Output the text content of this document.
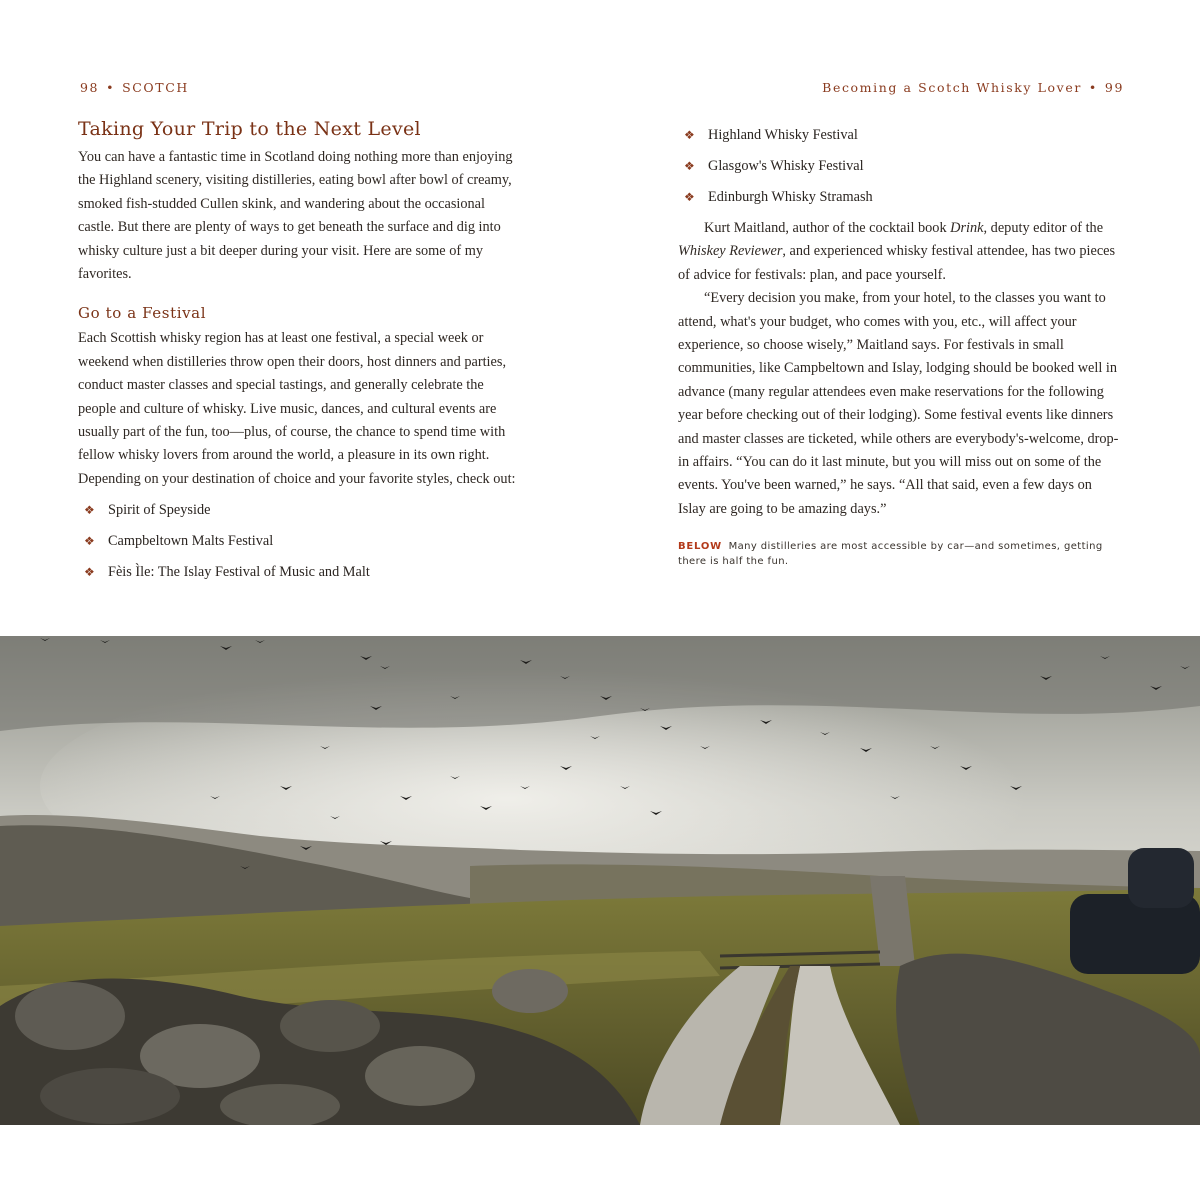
98 • SCOTCH	Becoming a Scotch Whisky Lover • 99
Taking Your Trip to the Next Level

You can have a fantastic time in Scotland doing nothing more than enjoying the Highland scenery, visiting distilleries, eating bowl after bowl of creamy, smoked fish-studded Cullen skink, and wandering about the occasional castle. But there are plenty of ways to get beneath the surface and dig into whisky culture just a bit deeper during your visit. Here are some of my favorites.

Go to a Festival

Each Scottish whisky region has at least one festival, a special week or weekend when distilleries throw open their doors, host dinners and parties, conduct master classes and special tastings, and generally celebrate the people and culture of whisky. Live music, dances, and cultural events are usually part of the fun, too—plus, of course, the chance to spend time with fellow whisky lovers from around the world, a pleasure in its own right. Depending on your destination of choice and your favorite styles, check out:

❖ Spirit of Speyside
❖ Campbeltown Malts Festival
❖ Fèis Ìle: The Islay Festival of Music and Malt
❖ Highland Whisky Festival
❖ Glasgow's Whisky Festival
❖ Edinburgh Whisky Stramash

Kurt Maitland, author of the cocktail book Drink, deputy editor of the Whiskey Reviewer, and experienced whisky festival attendee, has two pieces of advice for festivals: plan, and pace yourself.

“Every decision you make, from your hotel, to the classes you want to attend, what's your budget, who comes with you, etc., will affect your experience, so choose wisely,” Maitland says. For festivals in small communities, like Campbeltown and Islay, lodging should be booked well in advance (many regular attendees even make reservations for the following year before checking out of their lodging). Some festival events like dinners and master classes are ticketed, while others are everybody's-welcome, drop-in affairs. “You can do it last minute, but you will miss out on some of the events. You've been warned,” he says. “All that said, even a few days on Islay are going to be amazing days.”

BELOW Many distilleries are most accessible by car—and sometimes, getting there is half the fun.
